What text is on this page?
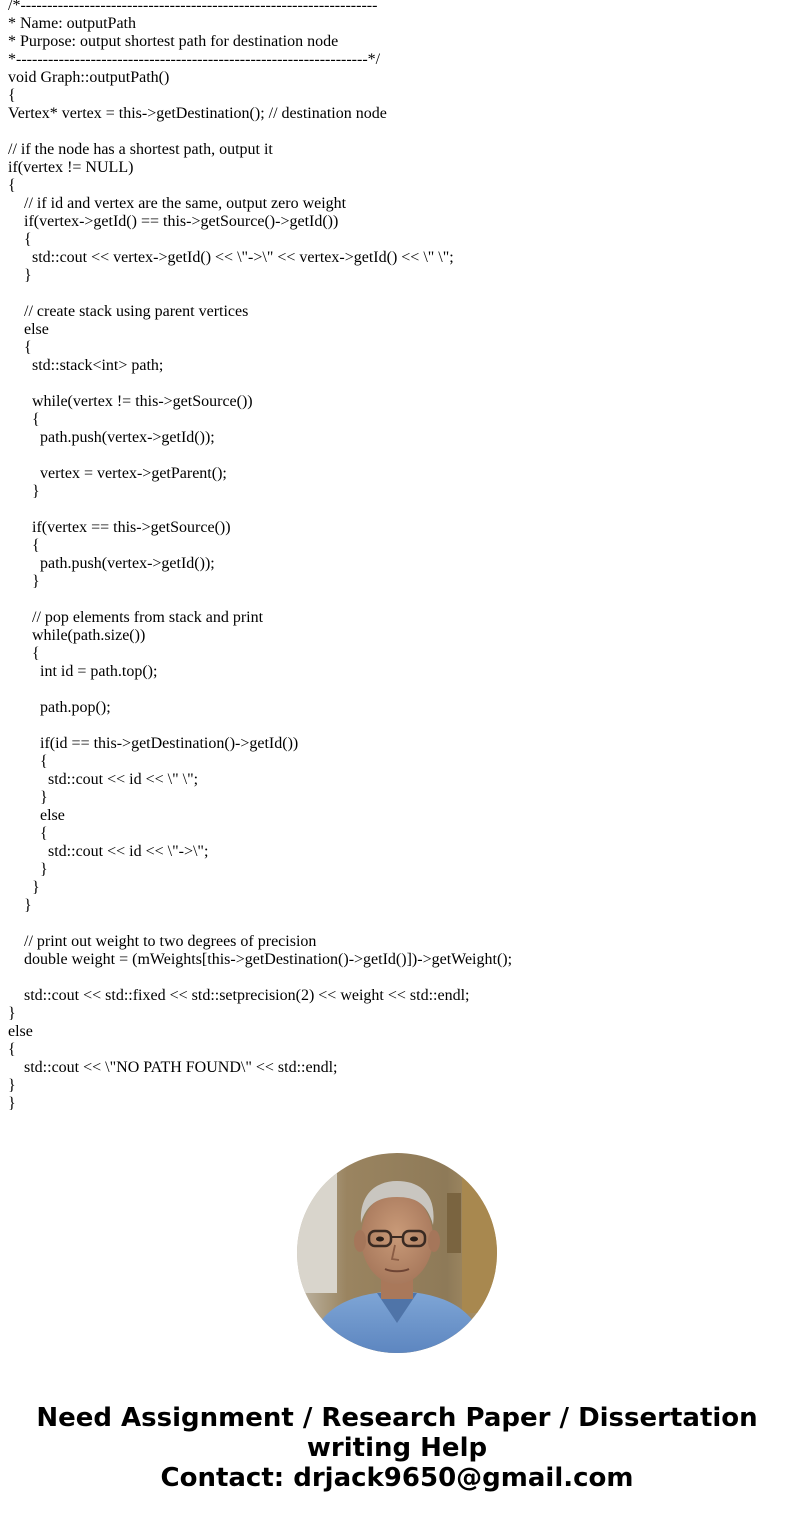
/*-------------------------------------------------------------------
* Name: outputPath
* Purpose: output shortest path for destination node
*------------------------------------------------------------------*/
void Graph::outputPath()
{
Vertex* vertex = this->getDestination(); // destination node
// if the node has a shortest path, output it
if(vertex != NULL)
{
// if id and vertex are the same, output zero weight
if(vertex->getId() == this->getSource()->getId())
{
std::cout << vertex->getId() << \"->\" << vertex->getId() << \" \";
}
// create stack using parent vertices
else
{
std::stack<int> path;
while(vertex != this->getSource())
{
path.push(vertex->getId());
vertex = vertex->getParent();
}
if(vertex == this->getSource())
{
path.push(vertex->getId());
}
// pop elements from stack and print
while(path.size())
{
int id = path.top();
path.pop();
if(id == this->getDestination()->getId())
{
std::cout << id << \" \";
}
else
{
std::cout << id << \"->\";
}
}
}
// print out weight to two degrees of precision
double weight = (mWeights[this->getDestination()->getId()])->getWeight();
std::cout << std::fixed << std::setprecision(2) << weight << std::endl;
}
else
{
std::cout << \"NO PATH FOUND\" << std::endl;
}
}
Need Assignment / Research Paper / Dissertation
writing Help
Contact: drjack9650@gmail.com
